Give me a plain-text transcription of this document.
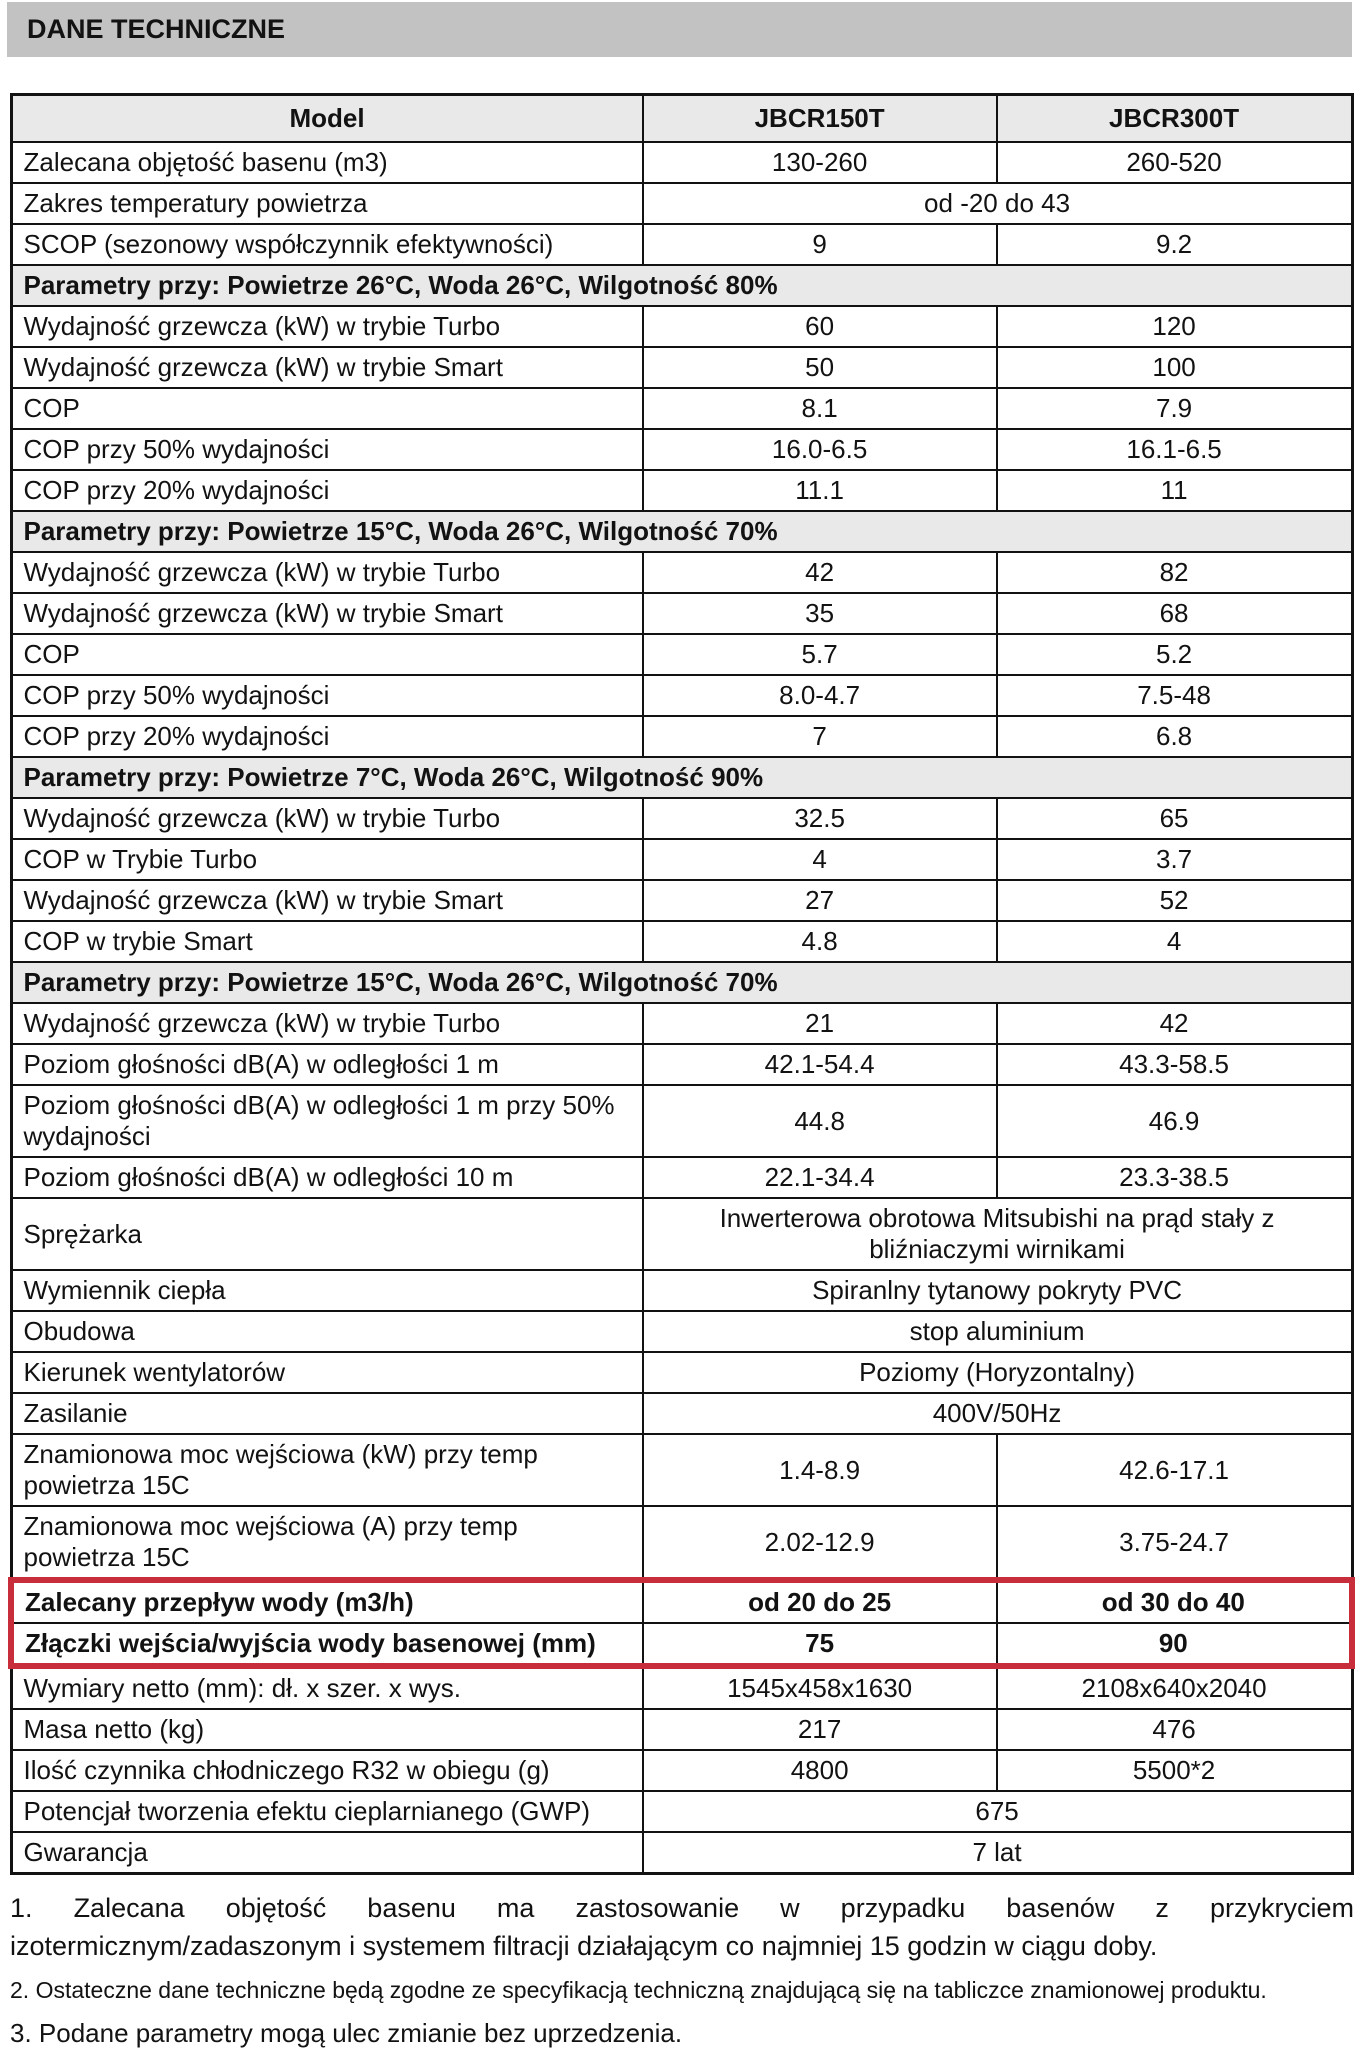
DANE TECHNICZNE
Model	JBCR150T	JBCR300T
Zalecana objętość basenu (m3)	130-260	260-520
Zakres temperatury powietrza	od -20 do 43	
SCOP (sezonowy współczynnik efektywności)	9	9.2
Parametry przy: Powietrze 26°C, Woda 26°C, Wilgotność 80%		
Wydajność grzewcza (kW) w trybie Turbo	60	120
Wydajność grzewcza (kW) w trybie Smart	50	100
COP	8.1	7.9
COP przy 50% wydajności	16.0-6.5	16.1-6.5
COP przy 20% wydajności	11.1	11
Parametry przy: Powietrze 15°C, Woda 26°C, Wilgotność 70%		
Wydajność grzewcza (kW) w trybie Turbo	42	82
Wydajność grzewcza (kW) w trybie Smart	35	68
COP	5.7	5.2
COP przy 50% wydajności	8.0-4.7	7.5-48
COP przy 20% wydajności	7	6.8
Parametry przy: Powietrze 7°C, Woda 26°C, Wilgotność 90%		
Wydajność grzewcza (kW) w trybie Turbo	32.5	65
COP w Trybie Turbo	4	3.7
Wydajność grzewcza (kW) w trybie Smart	27	52
COP w trybie Smart	4.8	4
Parametry przy: Powietrze 15°C, Woda 26°C, Wilgotność 70%		
Wydajność grzewcza (kW) w trybie Turbo	21	42
Poziom głośności dB(A) w odległości 1 m	42.1-54.4	43.3-58.5
Poziom głośności dB(A) w odległości 1 m przy 50% wydajności	44.8	46.9
Poziom głośności dB(A) w odległości 10 m	22.1-34.4	23.3-38.5
Sprężarka	Inwerterowa obrotowa Mitsubishi na prąd stały z bliźniaczymi wirnikami	
Wymiennik ciepła	Spiranlny tytanowy pokryty PVC	
Obudowa	stop aluminium	
Kierunek wentylatorów	Poziomy (Horyzontalny)	
Zasilanie	400V/50Hz	
Znamionowa moc wejściowa (kW) przy temp powietrza 15C	1.4-8.9	42.6-17.1
Znamionowa moc wejściowa (A) przy temp powietrza 15C	2.02-12.9	3.75-24.7
Zalecany przepływ wody (m3/h)	od 20 do 25	od 30 do 40
Złączki wejścia/wyjścia wody basenowej (mm)	75	90
Wymiary netto (mm): dł. x szer. x wys.	1545x458x1630	2108x640x2040
Masa netto (kg)	217	476
Ilość czynnika chłodniczego R32 w obiegu (g)	4800	5500*2
Potencjał tworzenia efektu cieplarnianego (GWP)	675	
Gwarancja	7 lat	

1. Zalecana objętość basenu ma zastosowanie w przypadku basenów z przykryciem izotermicznym/zadaszonym i systemem filtracji działającym co najmniej 15 godzin w ciągu doby.

2. Ostateczne dane techniczne będą zgodne ze specyfikacją techniczną znajdującą się na tabliczce znamionowej produktu.

3. Podane parametry mogą ulec zmianie bez uprzedzenia.
